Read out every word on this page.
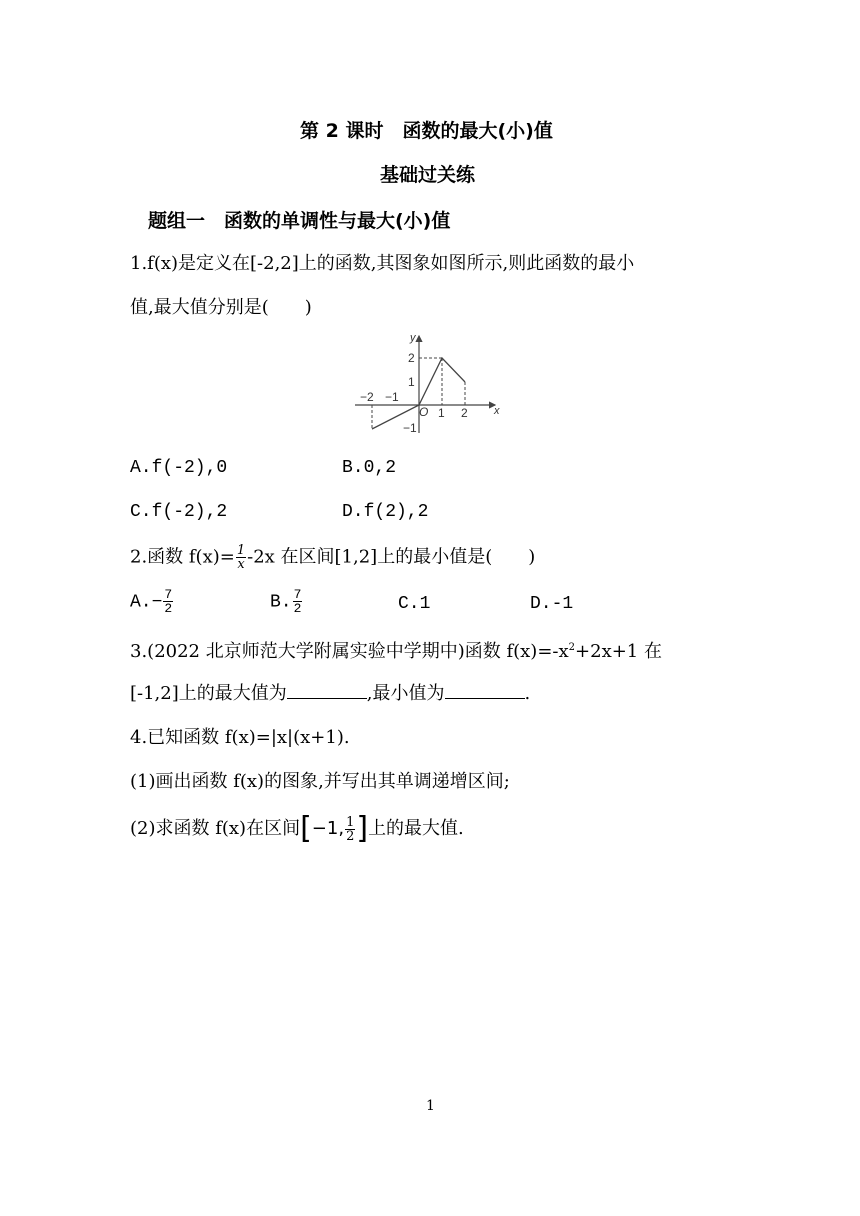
第 2 课时　函数的最大(小)值
基础过关练
题组一　函数的单调性与最大(小)值
1.f(x)是定义在[-2,2]上的函数,其图象如图所示,则此函数的最小
值,最大值分别是(　　)
y
x
O
−2 −1
1 2
2
1
−1
A.f(-2),0	B.0,2
C.f(-2),2	D.f(2),2
2.函数 $f(x)= \frac{1}{x} -2x$ 在区间[1,2]上的最小值是(　　)
$A.- \frac{7}{2}$	B. $\frac{7}{2}$	C.1	D.-1
3.(2022 北京师范大学附属实验中学期中)函数 $f(x)=-x^2+2x+1$ 在
[-1,2]上的最大值为	,最小值为	.
4.已知函数 f(x)=|x|(x+1).
(1)画出函数 f(x)的图象,并写出其单调递增区间;
(2)求函数 f(x)在区间[−1, $\frac{1}{2}$ ]上的最大值.
1
